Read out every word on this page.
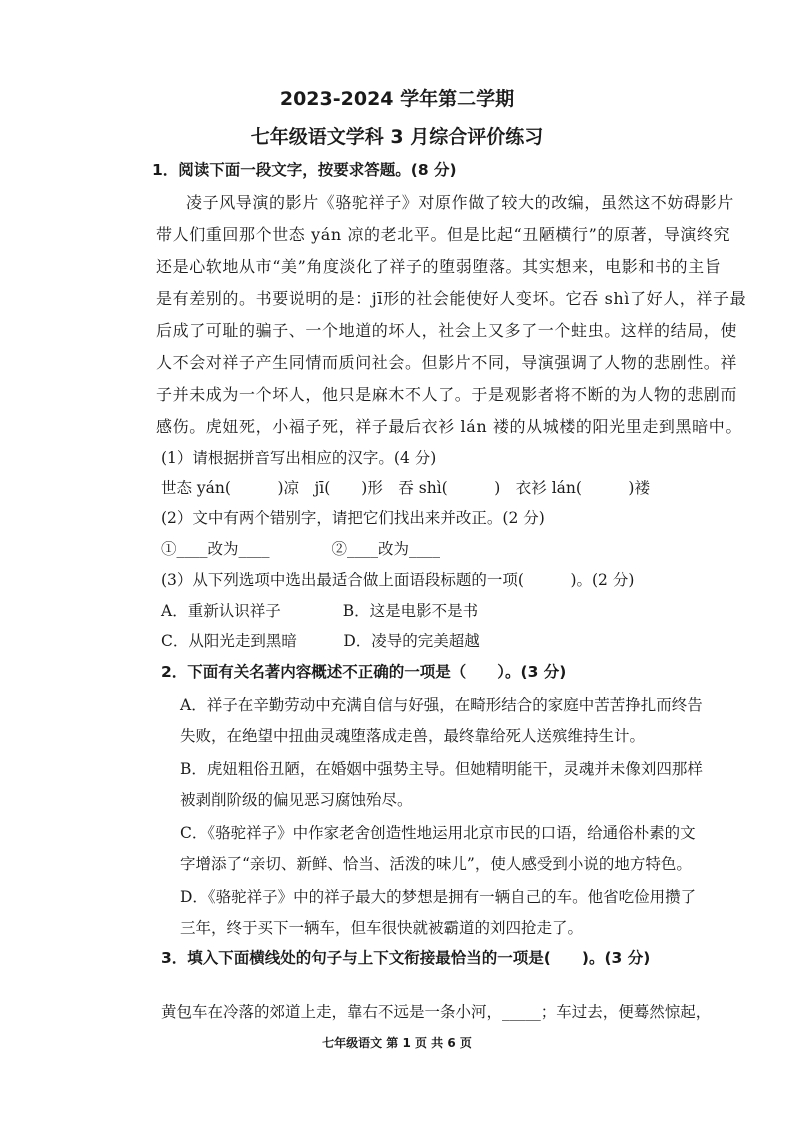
2023-2024 学年第二学期
七年级语文学科 3 月综合评价练习
1．阅读下面一段文字，按要求答题。(8 分)
凌子风导演的影片《骆驼祥子》对原作做了较大的改编，虽然这不妨碍影片
带人们重回那个世态 yán 凉的老北平。但是比起“丑陋横行”的原著，导演终究
还是心软地从市“美”角度淡化了祥子的堕弱堕落。其实想来，电影和书的主旨
是有差别的。书要说明的是：jī形的社会能使好人变坏。它吞 shì了好人，祥子最
后成了可耻的骗子、一个地道的坏人，社会上又多了一个蛀虫。这样的结局，使
人不会对祥子产生同情而质问社会。但影片不同，导演强调了人物的悲剧性。祥
子并未成为一个坏人，他只是麻木不人了。于是观影者将不断的为人物的悲剧而
感伤。虎妞死，小福子死，祥子最后衣衫 lán 褛的从城楼的阳光里走到黑暗中。
(1）请根据拼音写出相应的汉字。(4 分)
世态 yán(　　　)凉　jī(　　)形　吞 shì(　　　)　衣衫 lán(　　　)褛
(2）文中有两个错别字，请把它们找出来并改正。(2 分)
①____改为____　　　　②____改为____
(3）从下列选项中选出最适合做上面语段标题的一项(　　　)。(2 分)
A．重新认识祥子　　　　B．这是电影不是书
C．从阳光走到黑暗　　　D．凌导的完美超越
2．下面有关名著内容概述不正确的一项是（　　）。(3 分)
A．祥子在辛勤劳动中充满自信与好强，在畸形结合的家庭中苦苦挣扎而终告
失败，在绝望中扭曲灵魂堕落成走兽，最终靠给死人送殡维持生计。
B．虎妞粗俗丑陋，在婚姻中强势主导。但她精明能干，灵魂并未像刘四那样
被剥削阶级的偏见恶习腐蚀殆尽。
C．《骆驼祥子》中作家老舍创造性地运用北京市民的口语，给通俗朴素的文
字增添了“亲切、新鲜、恰当、活泼的味儿”，使人感受到小说的地方特色。
D．《骆驼祥子》中的祥子最大的梦想是拥有一辆自己的车。他省吃俭用攒了
三年，终于买下一辆车，但车很快就被霸道的刘四抢走了。
3．填入下面横线处的句子与上下文衔接最恰当的一项是(　　)。(3 分)
黄包车在冷落的郊道上走，靠右不远是一条小河，_____；车过去，便蓦然惊起，
七年级语文 第 1 页 共 6 页
